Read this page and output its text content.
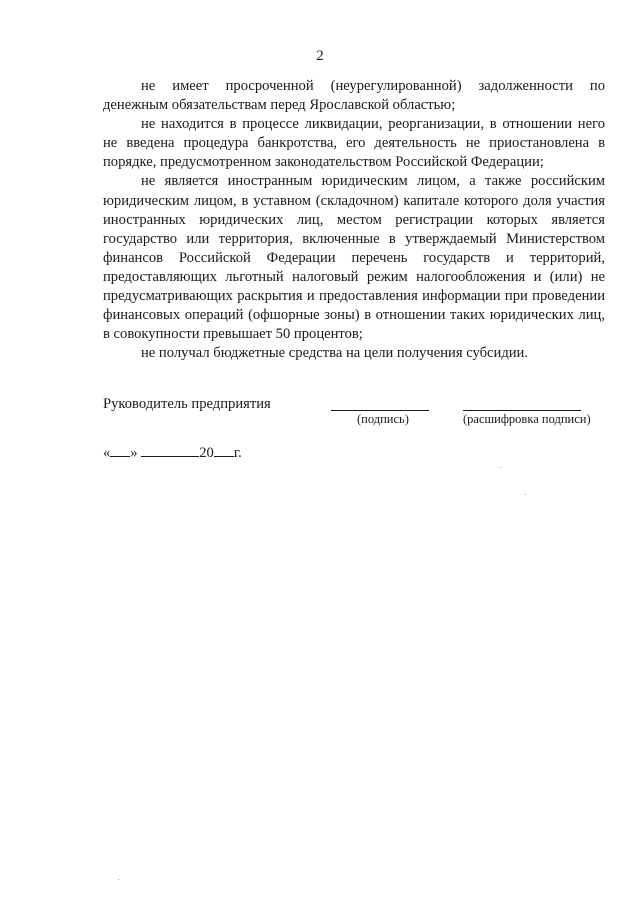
2

не имеет просроченной (неурегулированной) задолженности по денежным обязательствам перед Ярославской областью;

не находится в процессе ликвидации, реорганизации, в отношении него не введена процедура банкротства, его деятельность не приостановлена в порядке, предусмотренном законодательством Российской Федерации;

не является иностранным юридическим лицом, а также российским юридическим лицом, в уставном (складочном) капитале которого доля участия иностранных юридических лиц, местом регистрации которых является государство или территория, включенные в утверждаемый Министерством финансов Российской Федерации перечень государств и территорий, предоставляющих льготный налоговый режим налогообложения и (или) не предусматривающих раскрытия и предоставления информации при проведении финансовых операций (офшорные зоны) в отношении таких юридических лиц, в совокупности превышает 50 процентов;

не получал бюджетные средства на цели получения субсидии.

Руководитель предприятия
(подпись)	(расшифровка подписи)
« »	20 г.
